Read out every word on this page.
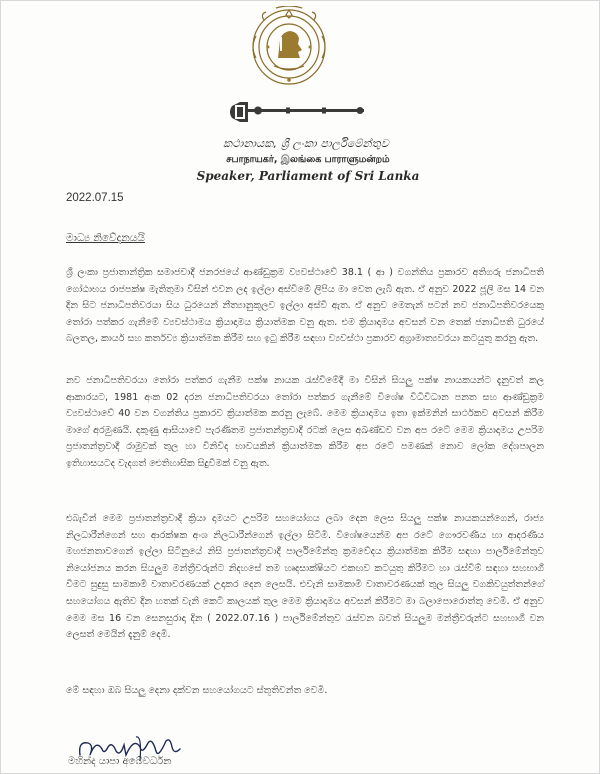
කථානායක, ශ්‍රී ලංකා පාර්ලිමේන්තුව
சபாநாயகர், இலங்கை பாராளுமன்றம்
Speaker, Parliament of Sri Lanka
2022.07.15
මාධ්‍ය නිවේදනයයි

ශ්‍රී ලංකා ප්‍රජාතාන්ත්‍රික සමාජවාදී ජනරජයේ ආණ්ඩුක්‍රම ව්‍යවස්ථාවේ 38.1 ( ආ ) වගන්තිය ප්‍රකාරව අතිගරු ජනාධිපති ගෝඨාභය රාජපක්ෂ මැතිතුමා විසින් එවන ලද ඉල්ලා අස්වීමේ ලිපිය මා වෙත ලැබී ඇත. ඒ අනුව 2022 ජූලි මස 14 වන දින සිට ජනාධිපතිවරයා සිය ධුරයෙන් නීත්‍යානුකූලව ඉල්ලා අස්වී ඇත. ඒ අනුව මෙතැන් පටන් නව ජනාධිපතිවරයෙකු තෝරා පත්කර ගැනීමේ ව්‍යවස්ථාමය ක්‍රියාදාමය ක්‍රියාත්මක වනු ඇත. එම ක්‍රියාදාමය අවසන් වන තෙක් ජනාධිපති ධුරයේ බලතල, කාර්ය සහ කර්තව්‍ය ක්‍රියාත්මක කිරීම සහ ඉටු කිරීම සඳහා ව්‍යවස්ථා ප්‍රකාරව අග්‍රාමාත්‍යවරයා කටයුතු කරනු ඇත.

නව ජනාධිපතිවරයා තෝරා පත්කර ගැනීම පක්ෂ නායක රැස්වීමේදී මා විසින් සියලු පක්ෂ නායකයන්ට දැනුවත් කල ආකාරයට, 1981 අංක 02 දරන ජනාධිපතිවරයා තෝරා පත්කර ගැනීමේ විශේෂ විධිවිධාන පනත සහ ආණ්ඩුක්‍රම ව්‍යවස්ථාවේ 40 වන වගන්තිය ප්‍රකාරව ක්‍රියාත්මක කරනු ලැබේ. මෙම ක්‍රියාදාමය ඉතා ඉක්මනින් සාර්ථකව අවසන් කිරීම මාගේ අරමුණයි. දකුණු ආසියාවේ පැරණිතම ප්‍රජාතන්ත්‍රවාදී රටක් ලෙස අඛණ්ඩව වන අප රටේ මෙම ක්‍රියාදාමය උපරිම ප්‍රජාතන්ත්‍රවාදී රාමුවක් තුල හා විනිවිද භාවයකින් ක්‍රියාත්මක කිරීම අප රටේ පමණක් නොව ලෝක දේශපාලන ඉතිහාසයටද වැදගත් ඓතිහාසික සිදුවීමක් වනු ඇත.

එබැවින් මෙම ප්‍රජාතන්ත්‍රවාදී ක්‍රියා දාමයට උපරිම සහයෝගය ලබා දෙන ලෙස සියලු පක්ෂ නායකයන්ගෙන්, රාජ්‍ය නිලධාරීන්ගෙන් සහ ආරක්ෂක අංශ නිලධාරීන්ගෙන් ඉල්ලා සිටිමි. විශේෂයෙන්ම අප රටේ ගෞරවණීය හා ආදරණීය මහජනතාවගෙන් ඉල්ලා සිටිනුයේ නිසි ප්‍රජාතන්ත්‍රවාදී පාර්ලිමේන්තු ක්‍රමවේදය ක්‍රියාත්මක කිරීම සඳහා පාර්ලිමේන්තුව නියෝජනය කරන සියලුම මන්ත්‍රීවරුන්ට නිදහසේ තම හෘදසාක්ෂියට එකඟව කටයුතු කිරීමට හා රැස්වීම් සඳහා සහභාගී වීමට සුදුසු සාමකාමී වාතාවරණයක් උදාකර දෙන ලෙසයි. එවැනි සාමකාමී වාතාවරණයක් තුල සියලු වගකිවයුත්තන්ගේ සහයෝගය ඇතිව දින හතක් වැනි කෙටි කාලයක් තුල මෙම ක්‍රියාදාමය අවසන් කිරීමට මා බලාපොරොත්තු වෙමි. ඒ අනුව මෙම මස 16 වන සෙනසුරාදා දින ( 2022.07.16 ) පාර්ලිමේන්තුව රැස්වන බවත් සියලුම මන්ත්‍රීවරුන්ට සහභාගී වන ලෙසත් මෙයින් දැනුම් දෙමි.

මේ සඳහා ඔබ සියලු දෙනා දක්වන සහයෝගයට ස්තූතිවන්ත වෙමි.

මහින්ද යාපා අබේවර්ධන
